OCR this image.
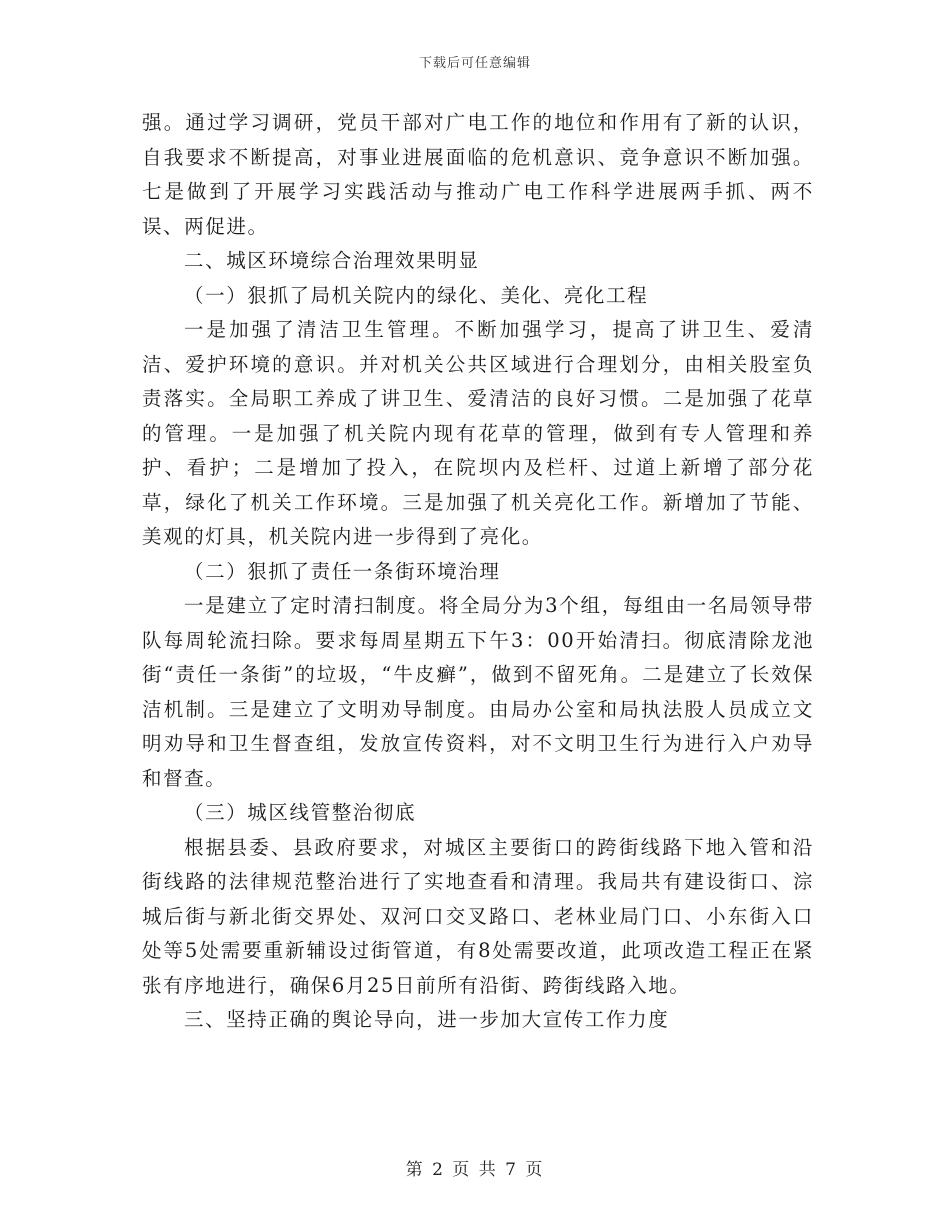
下载后可任意编辑

强。通过学习调研，党员干部对广电工作的地位和作用有了新的认识，自我要求不断提高，对事业进展面临的危机意识、竞争意识不断加强。七是做到了开展学习实践活动与推动广电工作科学进展两手抓、两不误、两促进。

二、城区环境综合治理效果明显

（一）狠抓了局机关院内的绿化、美化、亮化工程

一是加强了清洁卫生管理。不断加强学习，提高了讲卫生、爱清洁、爱护环境的意识。并对机关公共区域进行合理划分，由相关股室负责落实。全局职工养成了讲卫生、爱清洁的良好习惯。二是加强了花草的管理。一是加强了机关院内现有花草的管理，做到有专人管理和养护、看护；二是增加了投入，在院坝内及栏杆、过道上新增了部分花草，绿化了机关工作环境。三是加强了机关亮化工作。新增加了节能、美观的灯具，机关院内进一步得到了亮化。

（二）狠抓了责任一条街环境治理

一是建立了定时清扫制度。将全局分为3个组，每组由一名局领导带队每周轮流扫除。要求每周星期五下午3：00开始清扫。彻底清除龙池街“责任一条街”的垃圾，“牛皮癣”，做到不留死角。二是建立了长效保洁机制。三是建立了文明劝导制度。由局办公室和局执法股人员成立文明劝导和卫生督查组，发放宣传资料，对不文明卫生行为进行入户劝导和督查。

（三）城区线管整治彻底

根据县委、县政府要求，对城区主要街口的跨街线路下地入管和沿街线路的法律规范整治进行了实地查看和清理。我局共有建设街口、淙城后街与新北街交界处、双河口交叉路口、老林业局门口、小东街入口处等5处需要重新辅设过街管道，有8处需要改道，此项改造工程正在紧张有序地进行，确保6月25日前所有沿街、跨街线路入地。

三、坚持正确的舆论导向，进一步加大宣传工作力度

第 2 页 共 7 页
